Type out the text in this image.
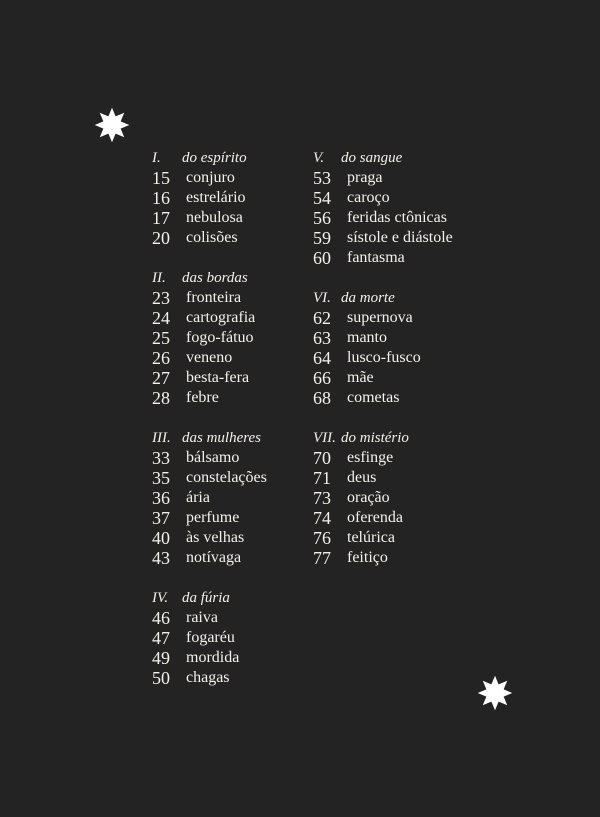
I.	do espírito
15	conjuro
16	estrelário
17	nebulosa
20	colisões
II.	das bordas
23	fronteira
24	cartografia
25	fogo-fátuo
26	veneno
27	besta-fera
28	febre
III. das mulheres
33	bálsamo
35	constelações
36	ária
37	perfume
40	às velhas
43	notívaga
IV. da fúria
46	raiva
47	fogaréu
49	mordida
50	chagas
V.	do sangue
53	praga
54	caroço
56	feridas ctônicas
59	sístole e diástole
60	fantasma
VI. da morte
62	supernova
63	manto
64	lusco-fusco
66	mãe
68	cometas
VII. do mistério
70	esfinge
71	deus
73	oração
74	oferenda
76	telúrica
77	feitiço
